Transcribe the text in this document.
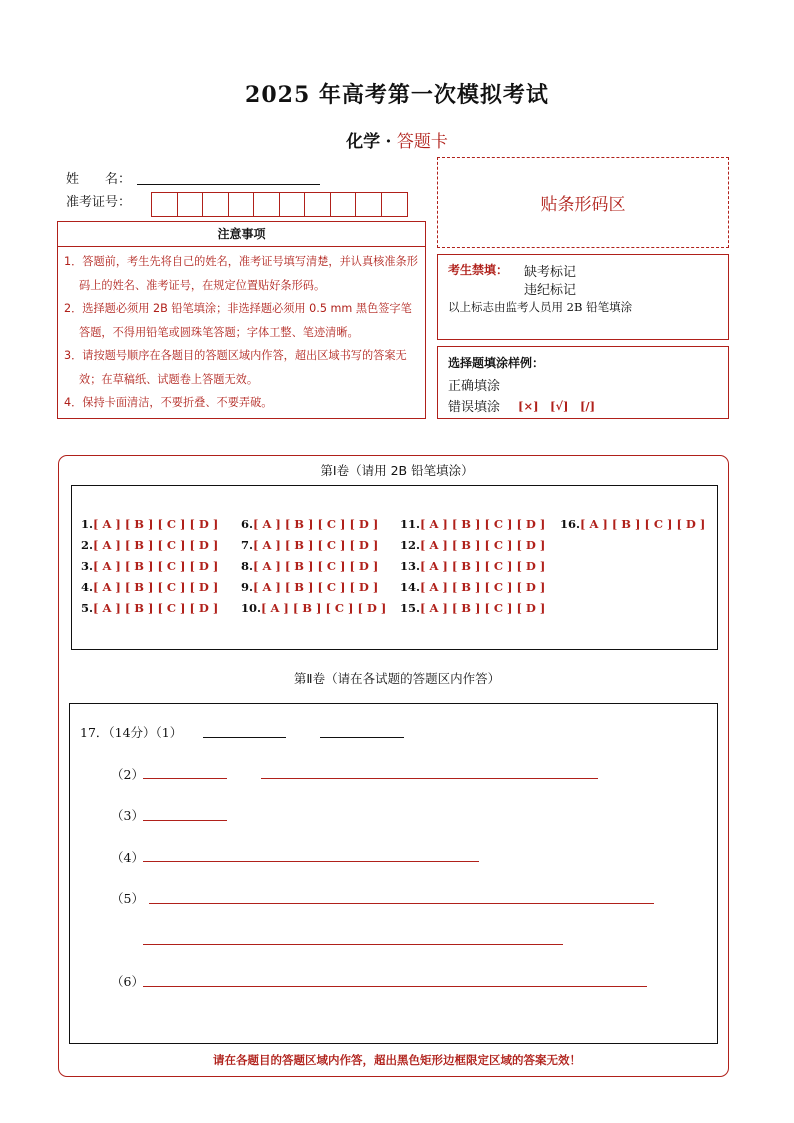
2025 年高考第一次模拟考试
化学 · 答题卡
姓　　名：
准考证号：	贴条形码区
注意事项
1．答题前，考生先将自己的姓名，准考证号填写清楚，并认真核准条形码上的姓名、准考证号，在规定位置贴好条形码。
2．选择题必须用 2B 铅笔填涂；非选择题必须用 0.5 mm 黑色签字笔答题，不得用铅笔或圆珠笔答题；字体工整、笔迹清晰。
3．请按题号顺序在各题目的答题区域内作答，超出区域书写的答案无效；在草稿纸、试题卷上答题无效。
4．保持卡面清洁，不要折叠、不要弄破。
考生禁填： 缺考标记
违纪标记
以上标志由监考人员用 2B 铅笔填涂
选择题填涂样例：
正确填涂
错误填涂 [×]　[√]　[/]
第Ⅰ卷（请用 2B 铅笔填涂）
1.[ A ] [ B ] [ C ] [ D ]
2.[ A ] [ B ] [ C ] [ D ]
3.[ A ] [ B ] [ C ] [ D ]
4.[ A ] [ B ] [ C ] [ D ]
5.[ A ] [ B ] [ C ] [ D ]
6.[ A ] [ B ] [ C ] [ D ]
7.[ A ] [ B ] [ C ] [ D ]
8.[ A ] [ B ] [ C ] [ D ]
9.[ A ] [ B ] [ C ] [ D ]
10.[ A ] [ B ] [ C ] [ D ]
11.[ A ] [ B ] [ C ] [ D ]
12.[ A ] [ B ] [ C ] [ D ]
13.[ A ] [ B ] [ C ] [ D ]
14.[ A ] [ B ] [ C ] [ D ]
15.[ A ] [ B ] [ C ] [ D ]
16.[ A ] [ B ] [ C ] [ D ]
第Ⅱ卷（请在各试题的答题区内作答）
17．（14分）（1）
（2）
（3）
（4）
（5）
（6）
请在各题目的答题区域内作答，超出黑色矩形边框限定区域的答案无效！
